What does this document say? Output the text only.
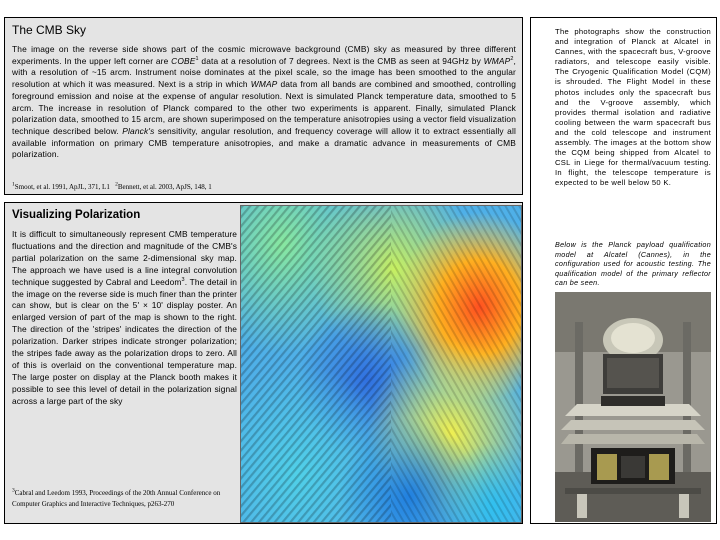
The CMB Sky
The image on the reverse side shows part of the cosmic microwave background (CMB) sky as measured by three different experiments. In the upper left corner are COBE$^1$ data at a resolution of 7 degrees. Next is the CMB as seen at 94GHz by WMAP$^2$, with a resolution of ~15 arcm. Instrument noise dominates at the pixel scale, so the image has been smoothed to the angular resolution at which it was measured. Next is a strip in which WMAP data from all bands are combined and smoothed, controlling foreground emission and noise at the expense of angular resolution. Next is simulated Planck temperature data, smoothed to 5 arcm. The increase in resolution of Planck compared to the other two experiments is apparent. Finally, simulated Planck polarization data, smoothed to 15 arcm, are shown superimposed on the temperature anisotropies using a vector field visualization technique described below. Planck's sensitivity, angular resolution, and frequency coverage will allow it to extract essentially all available information on primary CMB temperature anisotropies, and make a dramatic advance in measurements of CMB polarization.
$^1$Smoot, et al. 1991, ApJL, 371, L1 $^2$Bennett, et al. 2003, ApJS, 148, 1
Visualizing Polarization
It is difficult to simultaneously represent CMB temperature fluctuations and the direction and magnitude of the CMB's partial polarization on the same 2-dimensional sky map. The approach we have used is a line integral convolution technique suggested by Cabral and Leedom$^3$. The detail in the image on the reverse side is much finer than the printer can show, but is clear on the 5' × 10' display poster. An enlarged version of part of the map is shown to the right. The direction of the 'stripes' indicates the direction of the polarization. Darker stripes indicate stronger polarization; the stripes fade away as the polarization drops to zero. All of this is overlaid on the conventional temperature map. The large poster on display at the Planck booth makes it possible to see this level of detail in the polarization signal across a large part of the sky
$^3$Cabral and Leedom 1993, Proceedings of the 20th Annual Conference on Computer Graphics and Interactive Techniques, p263-270
The photographs show the construction and integration of Planck at Alcatel in Cannes, with the spacecraft bus, V-groove radiators, and telescope easily visible. The Cryogenic Qualification Model (CQM) is shrouded. The Flight Model in these photos includes only the spacecraft bus and the V-groove assembly, which provides thermal isolation and radiative cooling between the warm spacecraft bus and the cold telescope and instrument assembly. The images at the bottom show the CQM being shipped from Alcatel to CSL in Liege for thermal/vacuum testing. In flight, the telescope temperature is expected to be well below 50 K.
Below is the Planck payload qualification model at Alcatel (Cannes), in the configuration used for acoustic testing. The qualification model of the primary reflector can be seen.
